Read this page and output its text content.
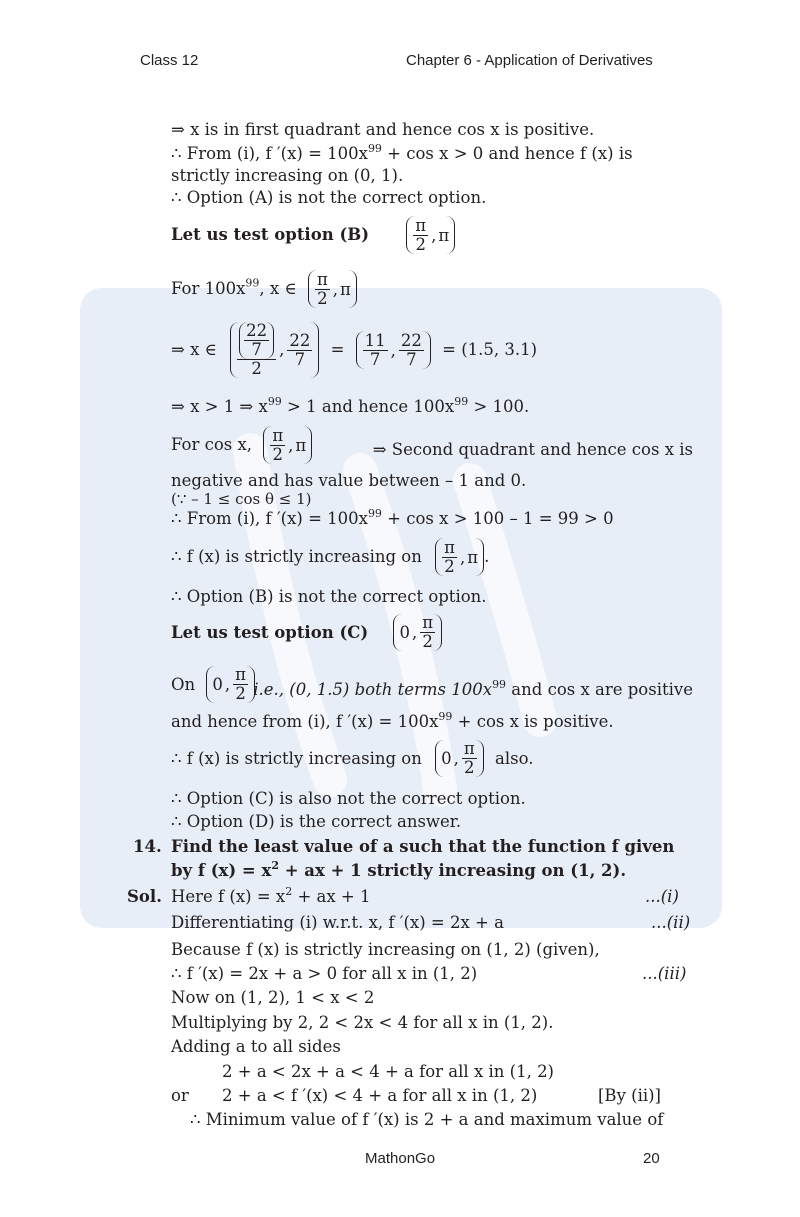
Class 12	Chapter 6 - Application of Derivatives
⇒ x is in first quadrant and hence cos x is positive.
∴ From (i), f $'(x) = 100x^{99} + \cos x > 0$ and hence f (x) is
strictly increasing on (0, 1).
∴ Option (A) is not the correct option.
Let us test option (B)	$\frac{\pi}{2}$ , π
For $100x^{99}$, x ∈ $\frac{\pi}{2}$ , π
⇒ x ∈ $\frac{\frac{22}{7}}{2}$ , $\frac{22}{7} = \frac{11}{7}$ , $\frac{22}{7} = (1.5$, 3.1)
⇒ x > 1 ⇒ $x^{99} > 1$ and hence $100x^{99} > 100$.
For cos x, $\frac{\pi}{2}$ , π	⇒ Second quadrant and hence cos x is
negative and has value between – 1 and 0.
(∵ – 1 ≤ cos θ ≤ 1)
∴ From (i), f $'(x) = 100x^{99} + \cos x > 100 - 1 = 99 > 0$
∴ f (x) is strictly increasing on $\frac{\pi}{2}$ , π .
∴ Option (B) is not the correct option.
Let us test option (C) 0 , $\frac{\pi}{2}$
On 0 , $\frac{\pi}{2} i.e$., (0, 1.5) both terms $100x^{99}$ and cos x are positive
and hence from (i), f $'(x) = 100x^{99} + \cos x$ is positive.
∴ f (x) is strictly increasing on 0 , $\frac{\pi}{2}$ also.
∴ Option (C) is also not the correct option.
∴ Option (D) is the correct answer.
14. Find the least value of a such that the function f given
by f $(x) = x^2$ + ax + 1 strictly increasing on (1, 2).
Sol. Here f $(x) = x^2$ + ax + 1	...(i)
Differentiating (i) w.r.t. x, f ′(x) = 2x + a	...(ii)
Because f (x) is strictly increasing on (1, 2) (given),
∴ f ′(x) = 2x + a > 0 for all x in (1, 2)	...(iii)
Now on (1, 2), 1 < x < 2
Multiplying by 2, 2 < 2x < 4 for all x in (1, 2).
Adding a to all sides
2 + a < 2x + a < 4 + a for all x in (1, 2)
or 2 + a < f ′(x) < 4 + a for all x in (1, 2)	[By (ii)]
∴ Minimum value of f ′(x) is 2 + a and maximum value of
MathonGo	20
